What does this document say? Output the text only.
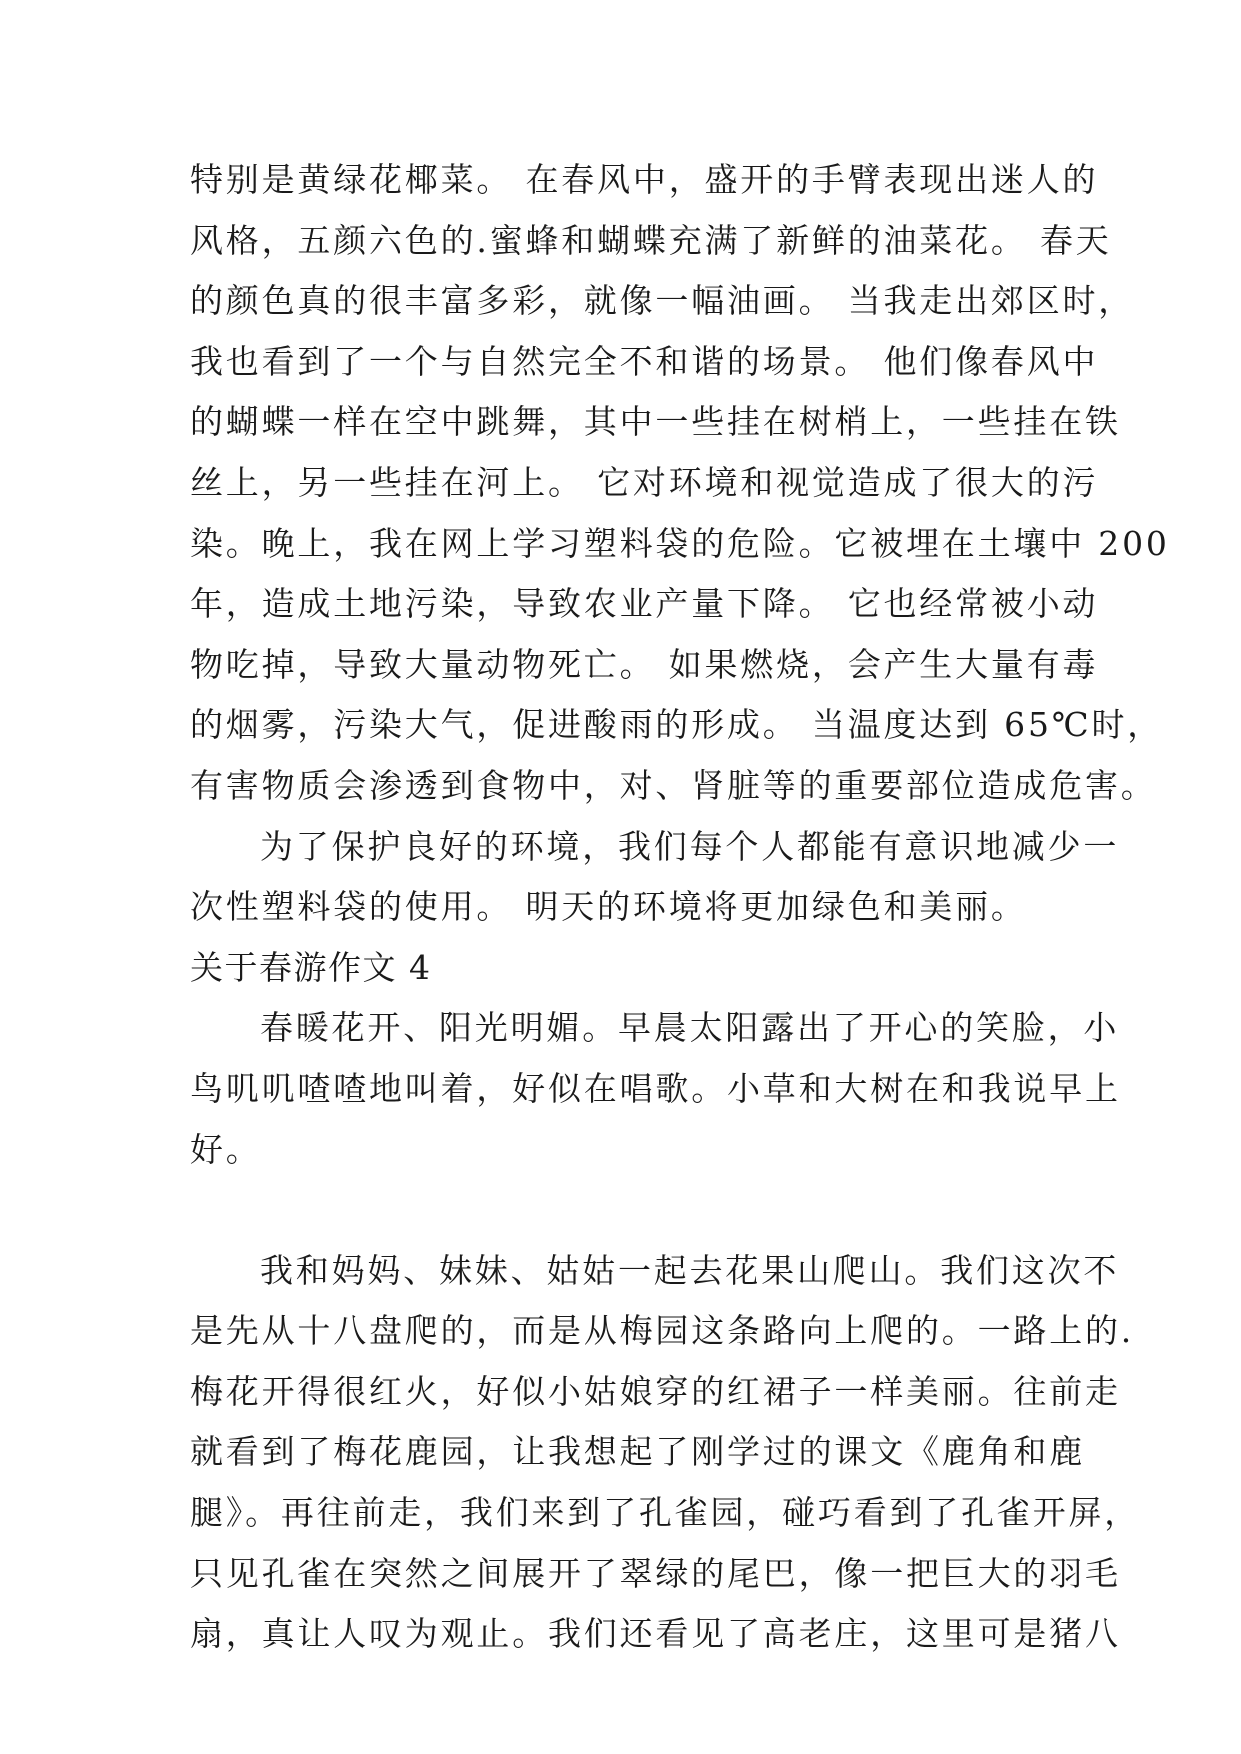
特别是黄绿花椰菜。 在春风中，盛开的手臂表现出迷人的
风格，五颜六色的.蜜蜂和蝴蝶充满了新鲜的油菜花。 春天
的颜色真的很丰富多彩，就像一幅油画。 当我走出郊区时，
我也看到了一个与自然完全不和谐的场景。 他们像春风中
的蝴蝶一样在空中跳舞，其中一些挂在树梢上，一些挂在铁
丝上，另一些挂在河上。 它对环境和视觉造成了很大的污
染。晚上，我在网上学习塑料袋的危险。它被埋在土壤中 200
年，造成土地污染，导致农业产量下降。 它也经常被小动
物吃掉，导致大量动物死亡。 如果燃烧，会产生大量有毒
的烟雾，污染大气，促进酸雨的形成。 当温度达到 65℃时，
有害物质会渗透到食物中，对、肾脏等的重要部位造成危害。
为了保护良好的环境，我们每个人都能有意识地减少一
次性塑料袋的使用。 明天的环境将更加绿色和美丽。
关于春游作文 4
春暖花开、阳光明媚。早晨太阳露出了开心的笑脸，小
鸟叽叽喳喳地叫着，好似在唱歌。小草和大树在和我说早上
好。
我和妈妈、妹妹、姑姑一起去花果山爬山。我们这次不
是先从十八盘爬的，而是从梅园这条路向上爬的。一路上的.
梅花开得很红火，好似小姑娘穿的红裙子一样美丽。往前走
就看到了梅花鹿园，让我想起了刚学过的课文《鹿角和鹿
腿》。再往前走，我们来到了孔雀园，碰巧看到了孔雀开屏，
只见孔雀在突然之间展开了翠绿的尾巴，像一把巨大的羽毛
扇，真让人叹为观止。我们还看见了高老庄，这里可是猪八
